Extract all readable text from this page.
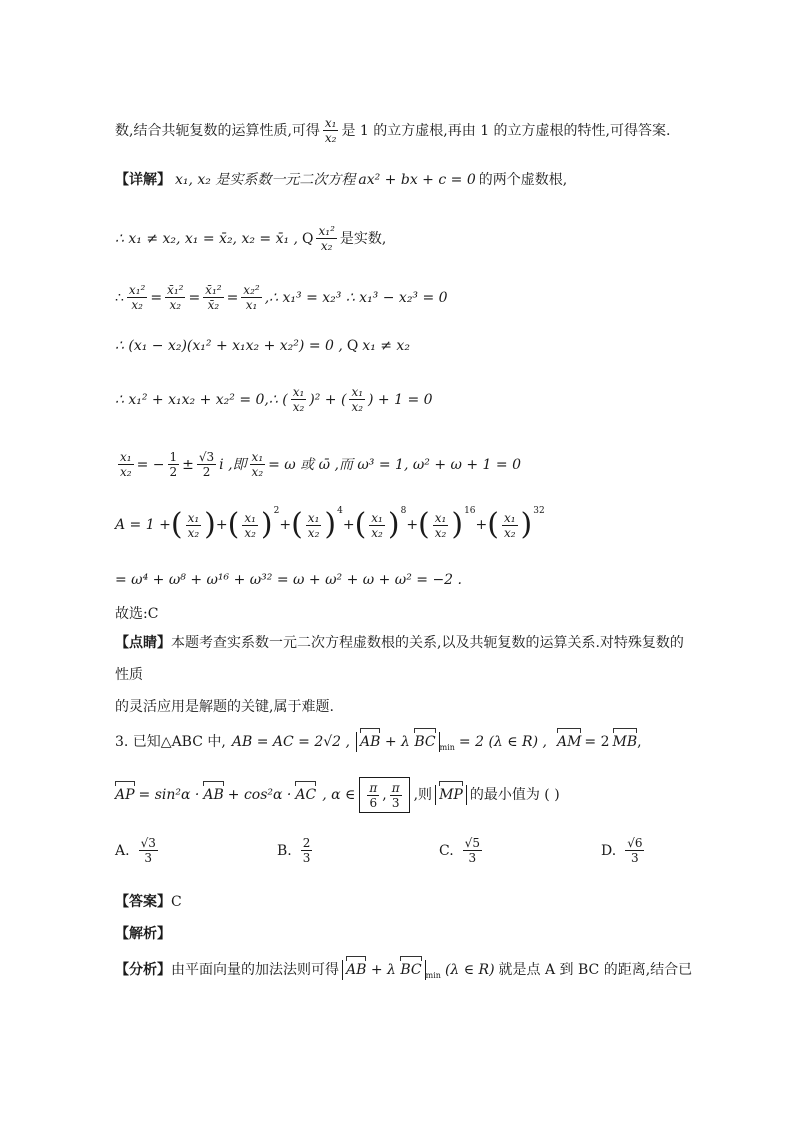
数,结合共轭复数的运算性质,可得 $\frac{\text{x₁}}{\text{x₂}}$ 是 1 的立方虚根,再由 1 的立方虚根的特性,可得答案.
【详解】 x₁, x₂ 是实系数一元二次方程 ax² + bx + c = 0 的两个虚数根,
∴ x₁ ≠ x₂, x₁ = x̄₂, x₂ = x̄₁ , Q $\frac{\text{x₁²}}{\text{x₂}}$ 是实数,
∴ $\frac{\text{x₁²}}{\text{x₂}} = \frac{\text{x̄₁²}}{\text{x₂}} = \frac{\text{x̄₁²}}{\text{x̄₂}} = \frac{\text{x₂²}}{\text{x₁}}$ ,∴ x₁³ = x₂³ ∴ x₁³ − x₂³ = 0
∴ (x₁ − x₂)(x₁² + x₁x₂ + x₂²) = 0 , Q x₁ ≠ x₂
∴ x₁² + x₁x₂ + x₂² = 0,∴ ( $\frac{\text{x₁}}{\text{x₂}} )^2$ + ( $\frac{\text{x₁}}{\text{x₂}}$ ) + 1 = 0
$\frac{\text{x₁}}{\text{x₂}}$ = − $\frac{1}{2} \pm \frac{√3}{2}$ i ,即 $\frac{\text{x₁}}{\text{x₂}} = \omega$ 或 ω̄ ,而 ω³ = 1, ω² + ω + 1 = 0
A = 1 + ( $\frac{\text{x₁}}{\text{x₂}}$ ) + ( $\frac{\text{x₁}}{\text{x₂}}$ ) 2
+ ( $\frac{\text{x₁}}{\text{x₂}}$ ) 4
+ ( $\frac{\text{x₁}}{\text{x₂}}$ ) 8
+ ( $\frac{\text{x₁}}{\text{x₂}}$ ) 16
+ ( $\frac{\text{x₁}}{\text{x₂}}$ ) 32
= ω⁴ + ω⁸ + ω¹⁶ + ω³² = ω + ω² + ω + ω² = −2 .
故选:C
【点睛】 本题考查实系数一元二次方程虚数根的关系,以及共轭复数的运算关系.对特殊复数的
性质
的灵活应用是解题的关键,属于难题.
3. 已知△ABC 中, AB = AC = 2√2 , AB + λ BC min = 2 (λ ∈ R) , AM = 2 MB ,
AP = sin²α · AB + cos²α · AC , α ∈ $\frac{\pi}{6}$ , $\frac{\pi}{3}$ ,则 MP 的最小值为 ( )
A. $\frac{√3}{3}$	B. $\frac{2}{3}$	C. $\frac{√5}{3}$	D. $\frac{√6}{3}$
【答案】 C
【解析】
【分析】 由平面向量的加法法则可得 AB + λ BC min (λ ∈ R) 就是点 A 到 BC 的距离,结合已
